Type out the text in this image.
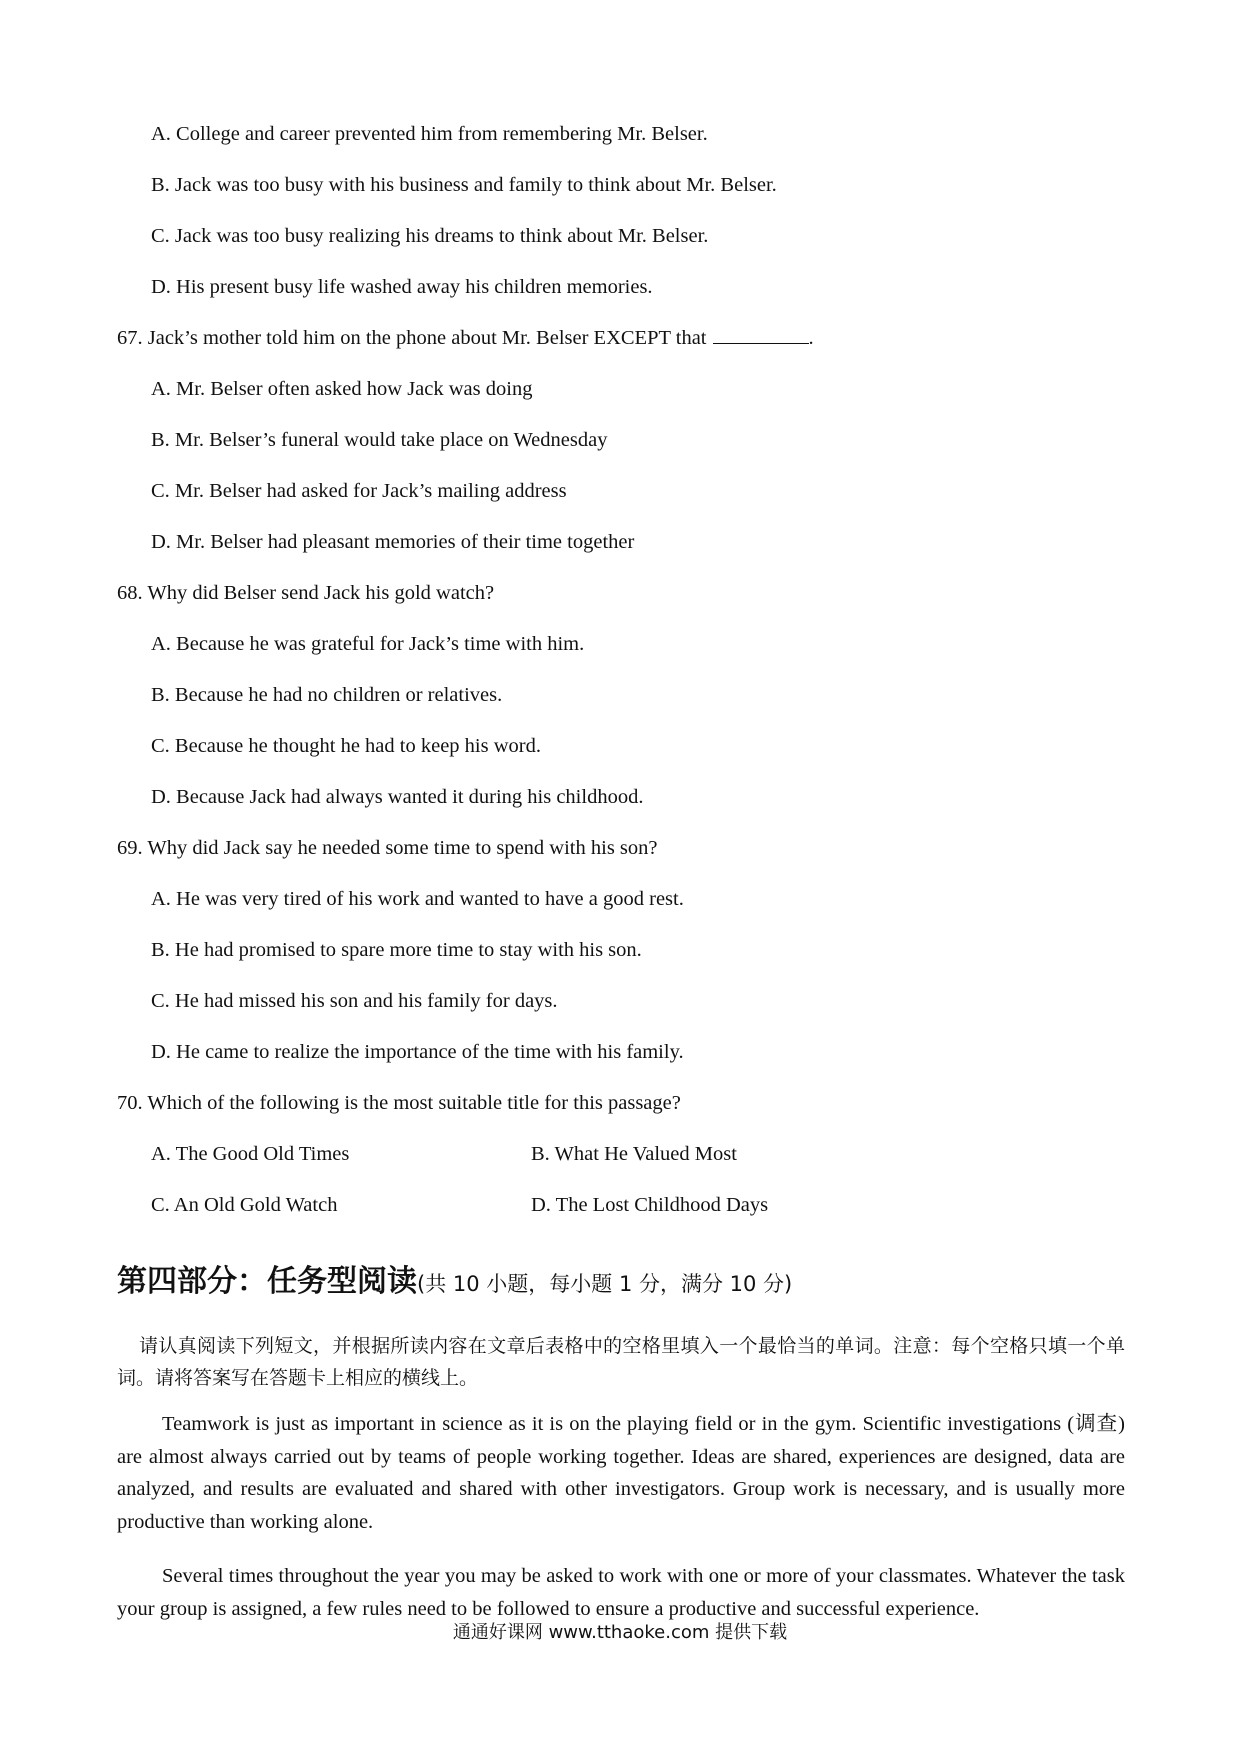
A. College and career prevented him from remembering Mr. Belser.
B. Jack was too busy with his business and family to think about Mr. Belser.
C. Jack was too busy realizing his dreams to think about Mr. Belser.
D. His present busy life washed away his children memories.
67. Jack’s mother told him on the phone about Mr. Belser EXCEPT that	.
A. Mr. Belser often asked how Jack was doing
B. Mr. Belser’s funeral would take place on Wednesday
C. Mr. Belser had asked for Jack’s mailing address
D. Mr. Belser had pleasant memories of their time together
68. Why did Belser send Jack his gold watch?
A. Because he was grateful for Jack’s time with him.
B. Because he had no children or relatives.
C. Because he thought he had to keep his word.
D. Because Jack had always wanted it during his childhood.
69. Why did Jack say he needed some time to spend with his son?
A. He was very tired of his work and wanted to have a good rest.
B. He had promised to spare more time to stay with his son.
C. He had missed his son and his family for days.
D. He came to realize the importance of the time with his family.
70. Which of the following is the most suitable title for this passage?
A. The Good Old Times	B. What He Valued Most
C. An Old Gold Watch	D. The Lost Childhood Days
第四部分：任务型阅读(共 10 小题，每小题 1 分，满分 10 分)
请认真阅读下列短文，并根据所读内容在文章后表格中的空格里填入一个最恰当的单词。注意：每个空格只填一个单词。请将答案写在答题卡上相应的横线上。
Teamwork is just as important in science as it is on the playing field or in the gym. Scientific investigations (调查) are almost always carried out by teams of people working together. Ideas are shared, experiences are designed, data are analyzed, and results are evaluated and shared with other investigators. Group work is necessary, and is usually more productive than working alone.
Several times throughout the year you may be asked to work with one or more of your classmates. Whatever the task your group is assigned, a few rules need to be followed to ensure a productive and successful experience.
通通好课网 www.tthaoke.com 提供下载
